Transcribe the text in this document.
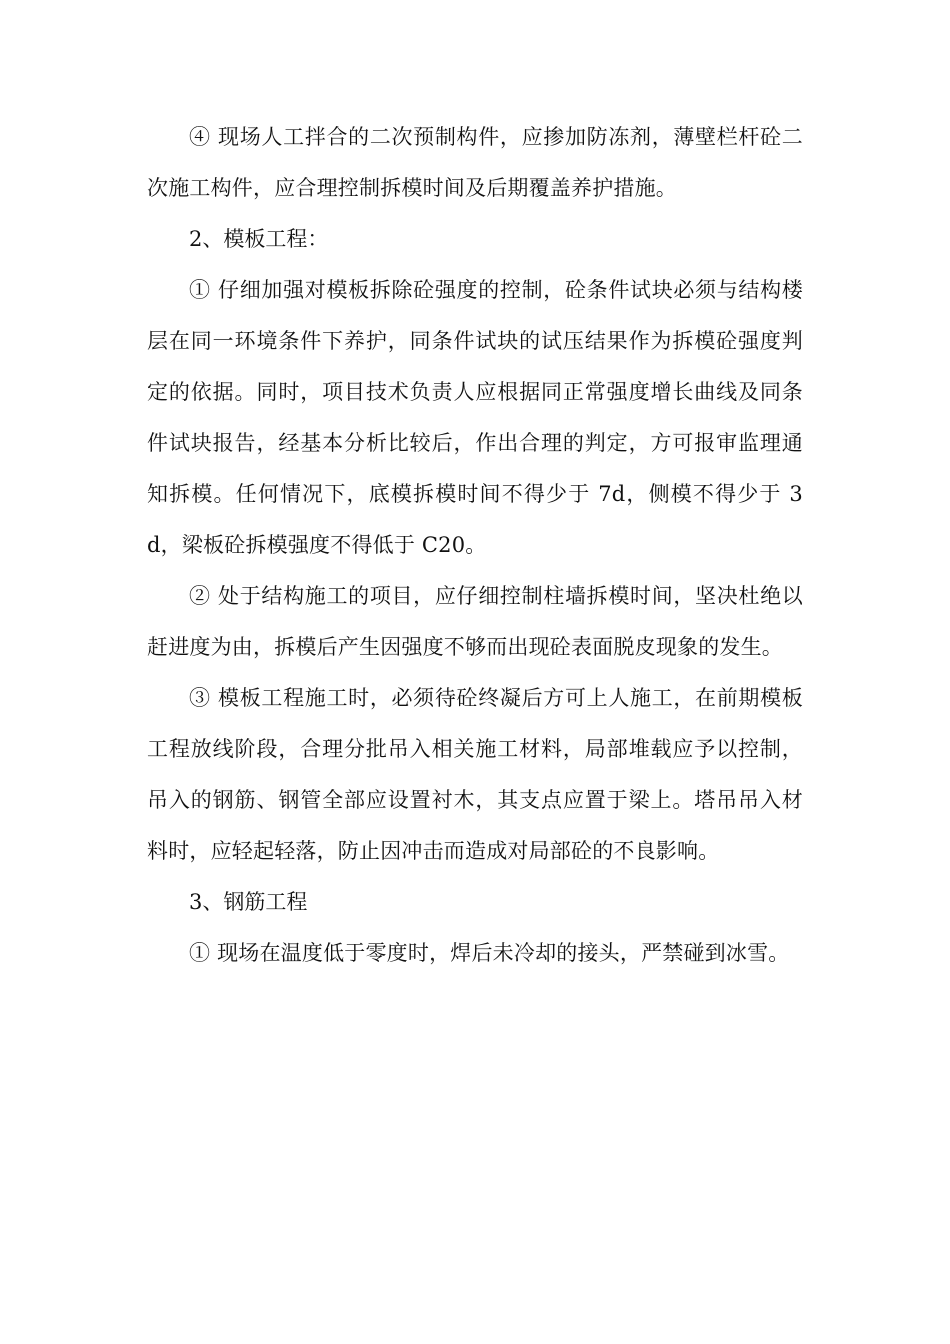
④ 现场人工拌合的二次预制构件，应掺加防冻剂，薄壁栏杆砼二次施工构件，应合理控制拆模时间及后期覆盖养护措施。

2、模板工程：

① 仔细加强对模板拆除砼强度的控制，砼条件试块必须与结构楼层在同一环境条件下养护，同条件试块的试压结果作为拆模砼强度判定的依据。同时，项目技术负责人应根据同正常强度增长曲线及同条件试块报告，经基本分析比较后，作出合理的判定，方可报审监理通知拆模。任何情况下，底模拆模时间不得少于 7d，侧模不得少于 3d，梁板砼拆模强度不得低于 C20。

② 处于结构施工的项目，应仔细控制柱墙拆模时间，坚决杜绝以赶进度为由，拆模后产生因强度不够而出现砼表面脱皮现象的发生。

③ 模板工程施工时，必须待砼终凝后方可上人施工，在前期模板工程放线阶段，合理分批吊入相关施工材料，局部堆载应予以控制，吊入的钢筋、钢管全部应设置衬木，其支点应置于梁上。塔吊吊入材料时，应轻起轻落，防止因冲击而造成对局部砼的不良影响。

3、钢筋工程

① 现场在温度低于零度时，焊后未冷却的接头，严禁碰到冰雪。
